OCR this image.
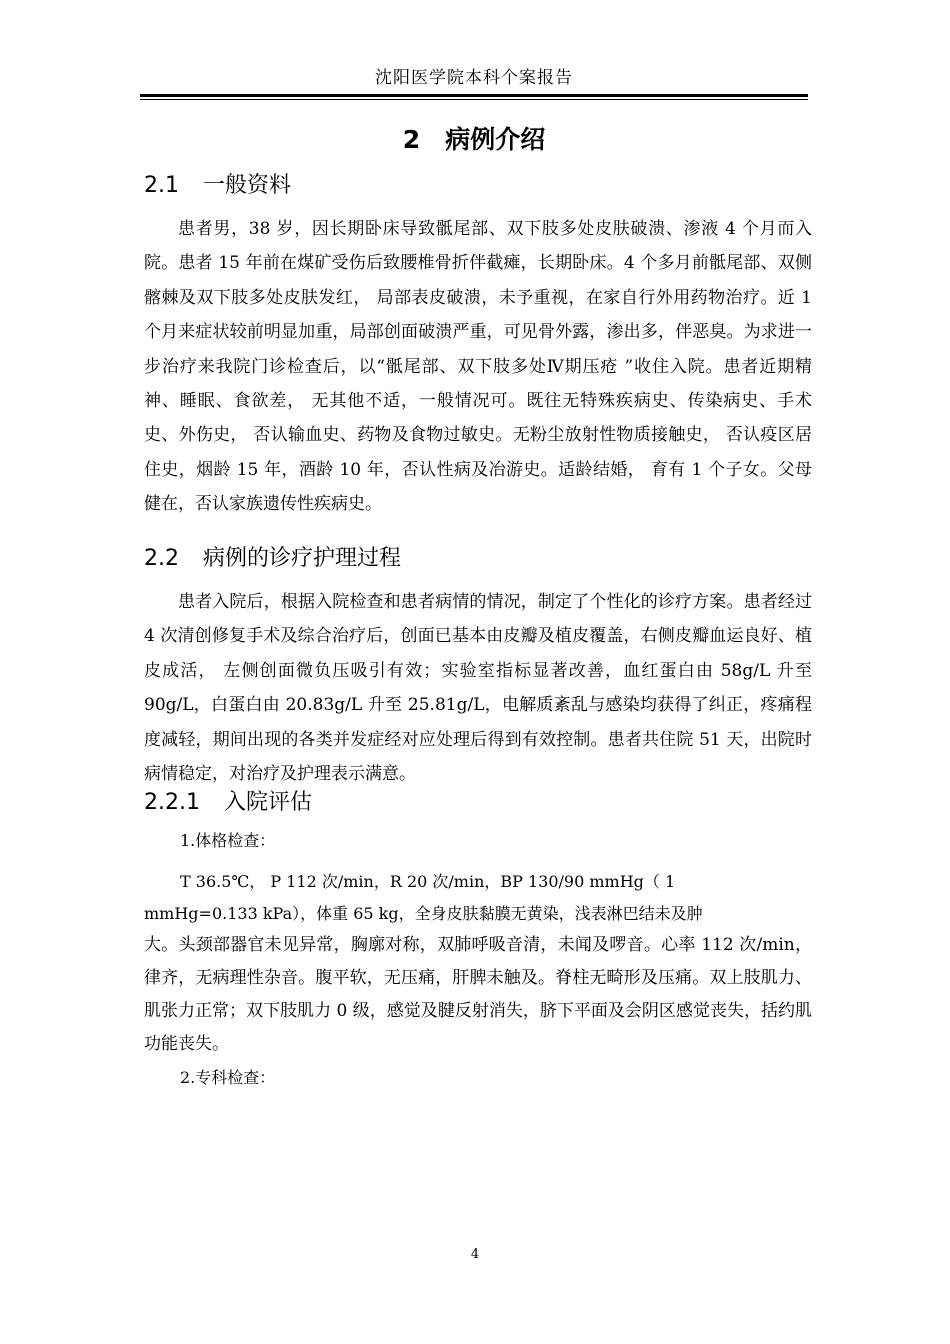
沈阳医学院本科个案报告
2　病例介绍
2.1 一般资料
患者男，38 岁，因长期卧床导致骶尾部、双下肢多处皮肤破溃、渗液 4 个月而入院。患者 15 年前在煤矿受伤后致腰椎骨折伴截瘫，长期卧床。4 个多月前骶尾部、双侧髂棘及双下肢多处皮肤发红， 局部表皮破溃，未予重视，在家自行外用药物治疗。近 1 个月来症状较前明显加重，局部创面破溃严重，可见骨外露，渗出多，伴恶臭。为求进一步治疗来我院门诊检查后，以“骶尾部、双下肢多处Ⅳ期压疮 ”收住入院。患者近期精神、睡眠、食欲差， 无其他不适，一般情况可。既往无特殊疾病史、传染病史、手术史、外伤史， 否认输血史、药物及食物过敏史。无粉尘放射性物质接触史， 否认疫区居住史，烟龄 15 年，酒龄 10 年，否认性病及冶游史。适龄结婚， 育有 1 个子女。父母健在，否认家族遗传性疾病史。
2.2 病例的诊疗护理过程
患者入院后，根据入院检查和患者病情的情况，制定了个性化的诊疗方案。患者经过 4 次清创修复手术及综合治疗后，创面已基本由皮瓣及植皮覆盖，右侧皮瓣血运良好、植皮成活， 左侧创面微负压吸引有效；实验室指标显著改善，血红蛋白由 58g/L 升至 90g/L，白蛋白由 20.83g/L 升至 25.81g/L，电解质紊乱与感染均获得了纠正，疼痛程度减轻，期间出现的各类并发症经对应处理后得到有效控制。患者共住院 51 天，出院时病情稳定，对治疗及护理表示满意。
2.2.1 入院评估
1.体格检查：
T 36.5℃， P 112 次/min，R 20 次/min，BP 130/90 mmHg（ 1
mmHg=0.133 kPa），体重 65 kg，全身皮肤黏膜无黄染，浅表淋巴结未及肿
大。头颈部器官未见异常，胸廓对称，双肺呼吸音清，未闻及啰音。心率 112 次/min，律齐，无病理性杂音。腹平软，无压痛，肝脾未触及。脊柱无畸形及压痛。双上肢肌力、肌张力正常；双下肢肌力 0 级，感觉及腱反射消失，脐下平面及会阴区感觉丧失，括约肌功能丧失。
2.专科检查：
4
